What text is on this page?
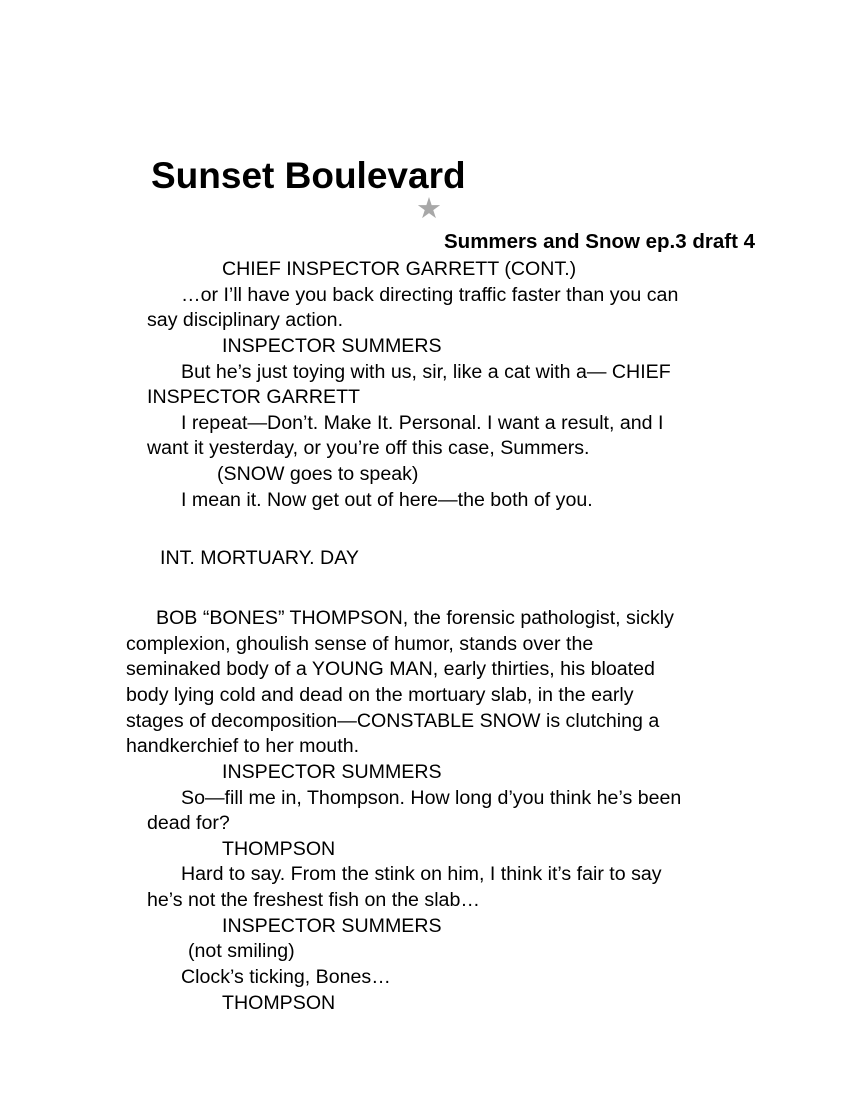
Sunset Boulevard
★
Summers and Snow ep.3 draft 4
CHIEF INSPECTOR GARRETT (CONT.)
…or I’ll have you back directing traffic faster than you can
say disciplinary action.
INSPECTOR SUMMERS
But he’s just toying with us, sir, like a cat with a— CHIEF
INSPECTOR GARRETT
I repeat—Don’t. Make It. Personal. I want a result, and I
want it yesterday, or you’re off this case, Summers.
(SNOW goes to speak)
I mean it. Now get out of here—the both of you.
INT. MORTUARY. DAY
BOB “BONES” THOMPSON, the forensic pathologist, sickly
complexion, ghoulish sense of humor, stands over the
seminaked body of a YOUNG MAN, early thirties, his bloated
body lying cold and dead on the mortuary slab, in the early
stages of decomposition—CONSTABLE SNOW is clutching a
handkerchief to her mouth.
INSPECTOR SUMMERS
So—fill me in, Thompson. How long d’you think he’s been
dead for?
THOMPSON
Hard to say. From the stink on him, I think it’s fair to say
he’s not the freshest fish on the slab…
INSPECTOR SUMMERS
(not smiling)
Clock’s ticking, Bones…
THOMPSON
